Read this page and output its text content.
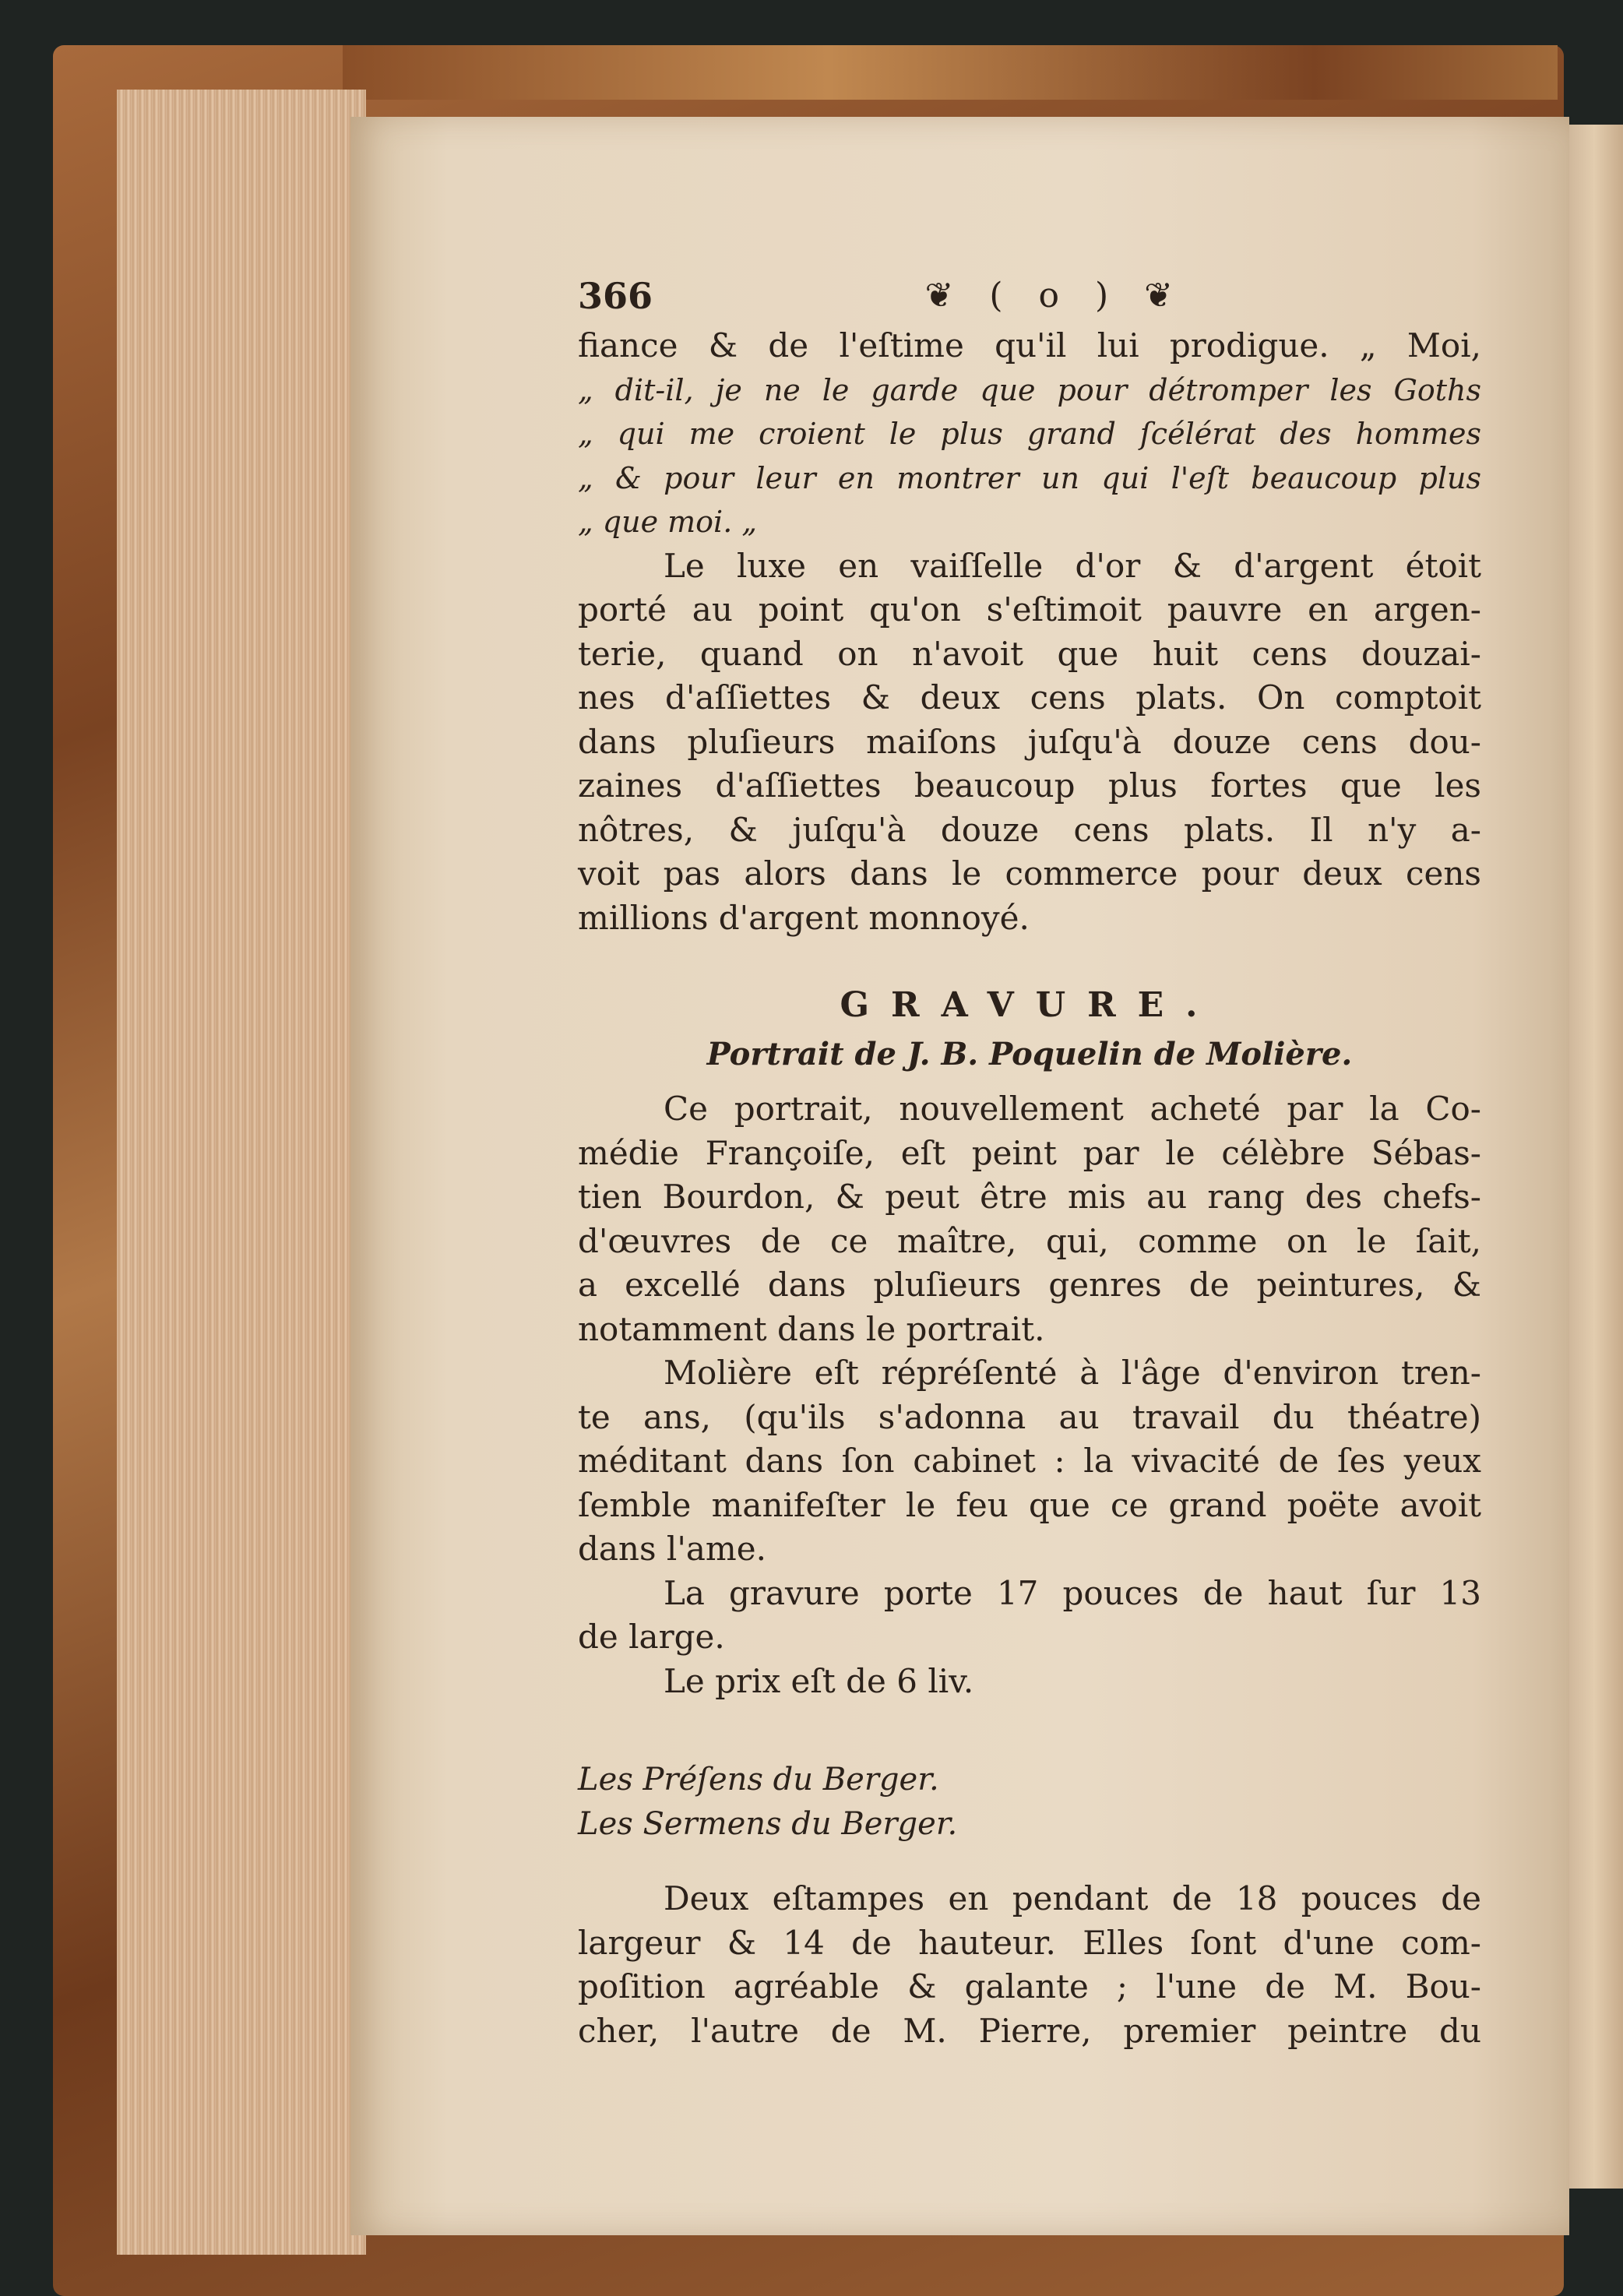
366	❦ ( o ) ❦
fiance & de l'eſtime qu'il lui prodigue. „ Moi,
„ dit-il, je ne le garde que pour détromper les Goths
„ qui me croient le plus grand ſcélérat des hommes
„ & pour leur en montrer un qui l'eſt beaucoup plus
„ que moi. „
Le luxe en vaiſſelle d'or & d'argent étoit
porté au point qu'on s'eſtimoit pauvre en argen-
terie, quand on n'avoit que huit cens douzai-
nes d'aſſiettes & deux cens plats. On comptoit
dans pluſieurs maiſons juſqu'à douze cens dou-
zaines d'aſſiettes beaucoup plus fortes que les
nôtres, & juſqu'à douze cens plats. Il n'y a-
voit pas alors dans le commerce pour deux cens
millions d'argent monnoyé.
GRAVURE.
Portrait de J. B. Poquelin de Molière.
Ce portrait, nouvellement acheté par la Co-
médie Françoiſe, eſt peint par le célèbre Sébas-
tien Bourdon, & peut être mis au rang des chefs-
d'œuvres de ce maître, qui, comme on le ſait,
a excellé dans pluſieurs genres de peintures, &
notamment dans le portrait.
Molière eſt répréſenté à l'âge d'environ tren-
te ans, (qu'ils s'adonna au travail du théatre)
méditant dans ſon cabinet : la vivacité de ſes yeux
ſemble manifeſter le feu que ce grand poëte avoit
dans l'ame.
La gravure porte 17 pouces de haut ſur 13
de large.
Le prix eſt de 6 liv.
Les Préſens du Berger.
Les Sermens du Berger.
Deux eſtampes en pendant de 18 pouces de
largeur & 14 de hauteur. Elles ſont d'une com-
poſition agréable & galante ; l'une de M. Bou-
cher, l'autre de M. Pierre, premier peintre du
